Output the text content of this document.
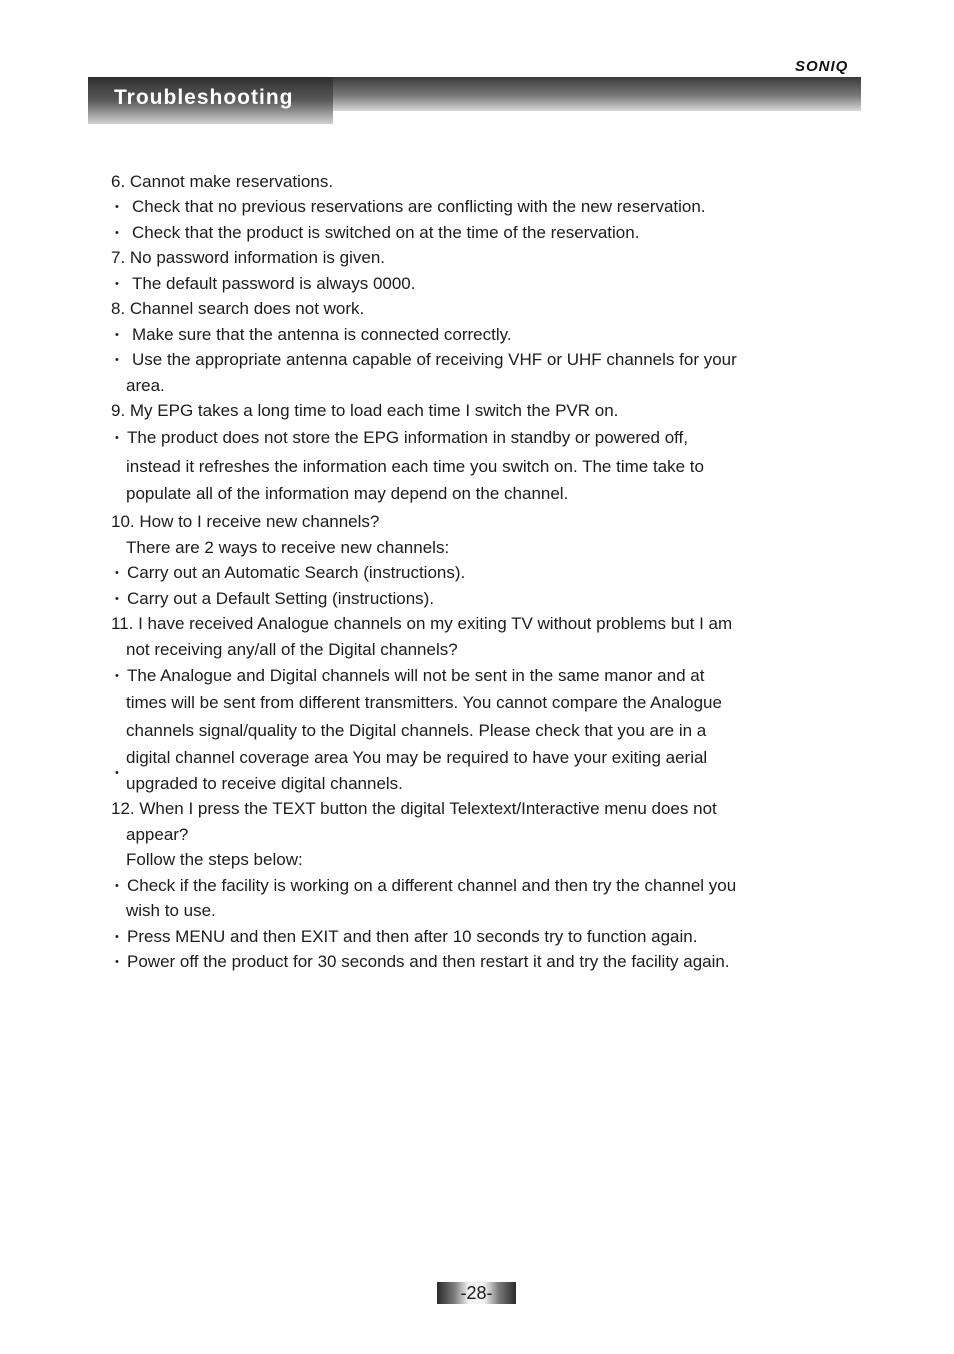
SONIQ
Troubleshooting
6. Cannot make reservations.
• Check that no previous reservations are conflicting with the new reservation.
• Check that the product is switched on at the time of the reservation.
7. No password information is given.
• The default password is always 0000.
8. Channel search does not work.
• Make sure that the antenna is connected correctly.
• Use the appropriate antenna capable of receiving VHF or UHF channels for your
area.
9. My EPG takes a long time to load each time I switch the PVR on.
• The product does not store the EPG information in standby or powered off,
instead it refreshes the information each time you switch on. The time take to
populate all of the information may depend on the channel.
10. How to I receive new channels?
There are 2 ways to receive new channels:
• Carry out an Automatic Search (instructions).
• Carry out a Default Setting (instructions).
11. I have received Analogue channels on my exiting TV without problems but I am
not receiving any/all of the Digital channels?
• The Analogue and Digital channels will not be sent in the same manor and at
times will be sent from different transmitters. You cannot compare the Analogue
channels signal/quality to the Digital channels. Please check that you are in a
digital channel coverage area You may be required to have your exiting aerial
•
upgraded to receive digital channels.
12. When I press the TEXT button the digital Telextext/Interactive menu does not
appear?
Follow the steps below:
• Check if the facility is working on a different channel and then try the channel you
wish to use.
• Press MENU and then EXIT and then after 10 seconds try to function again.
• Power off the product for 30 seconds and then restart it and try the facility again.
-28-
